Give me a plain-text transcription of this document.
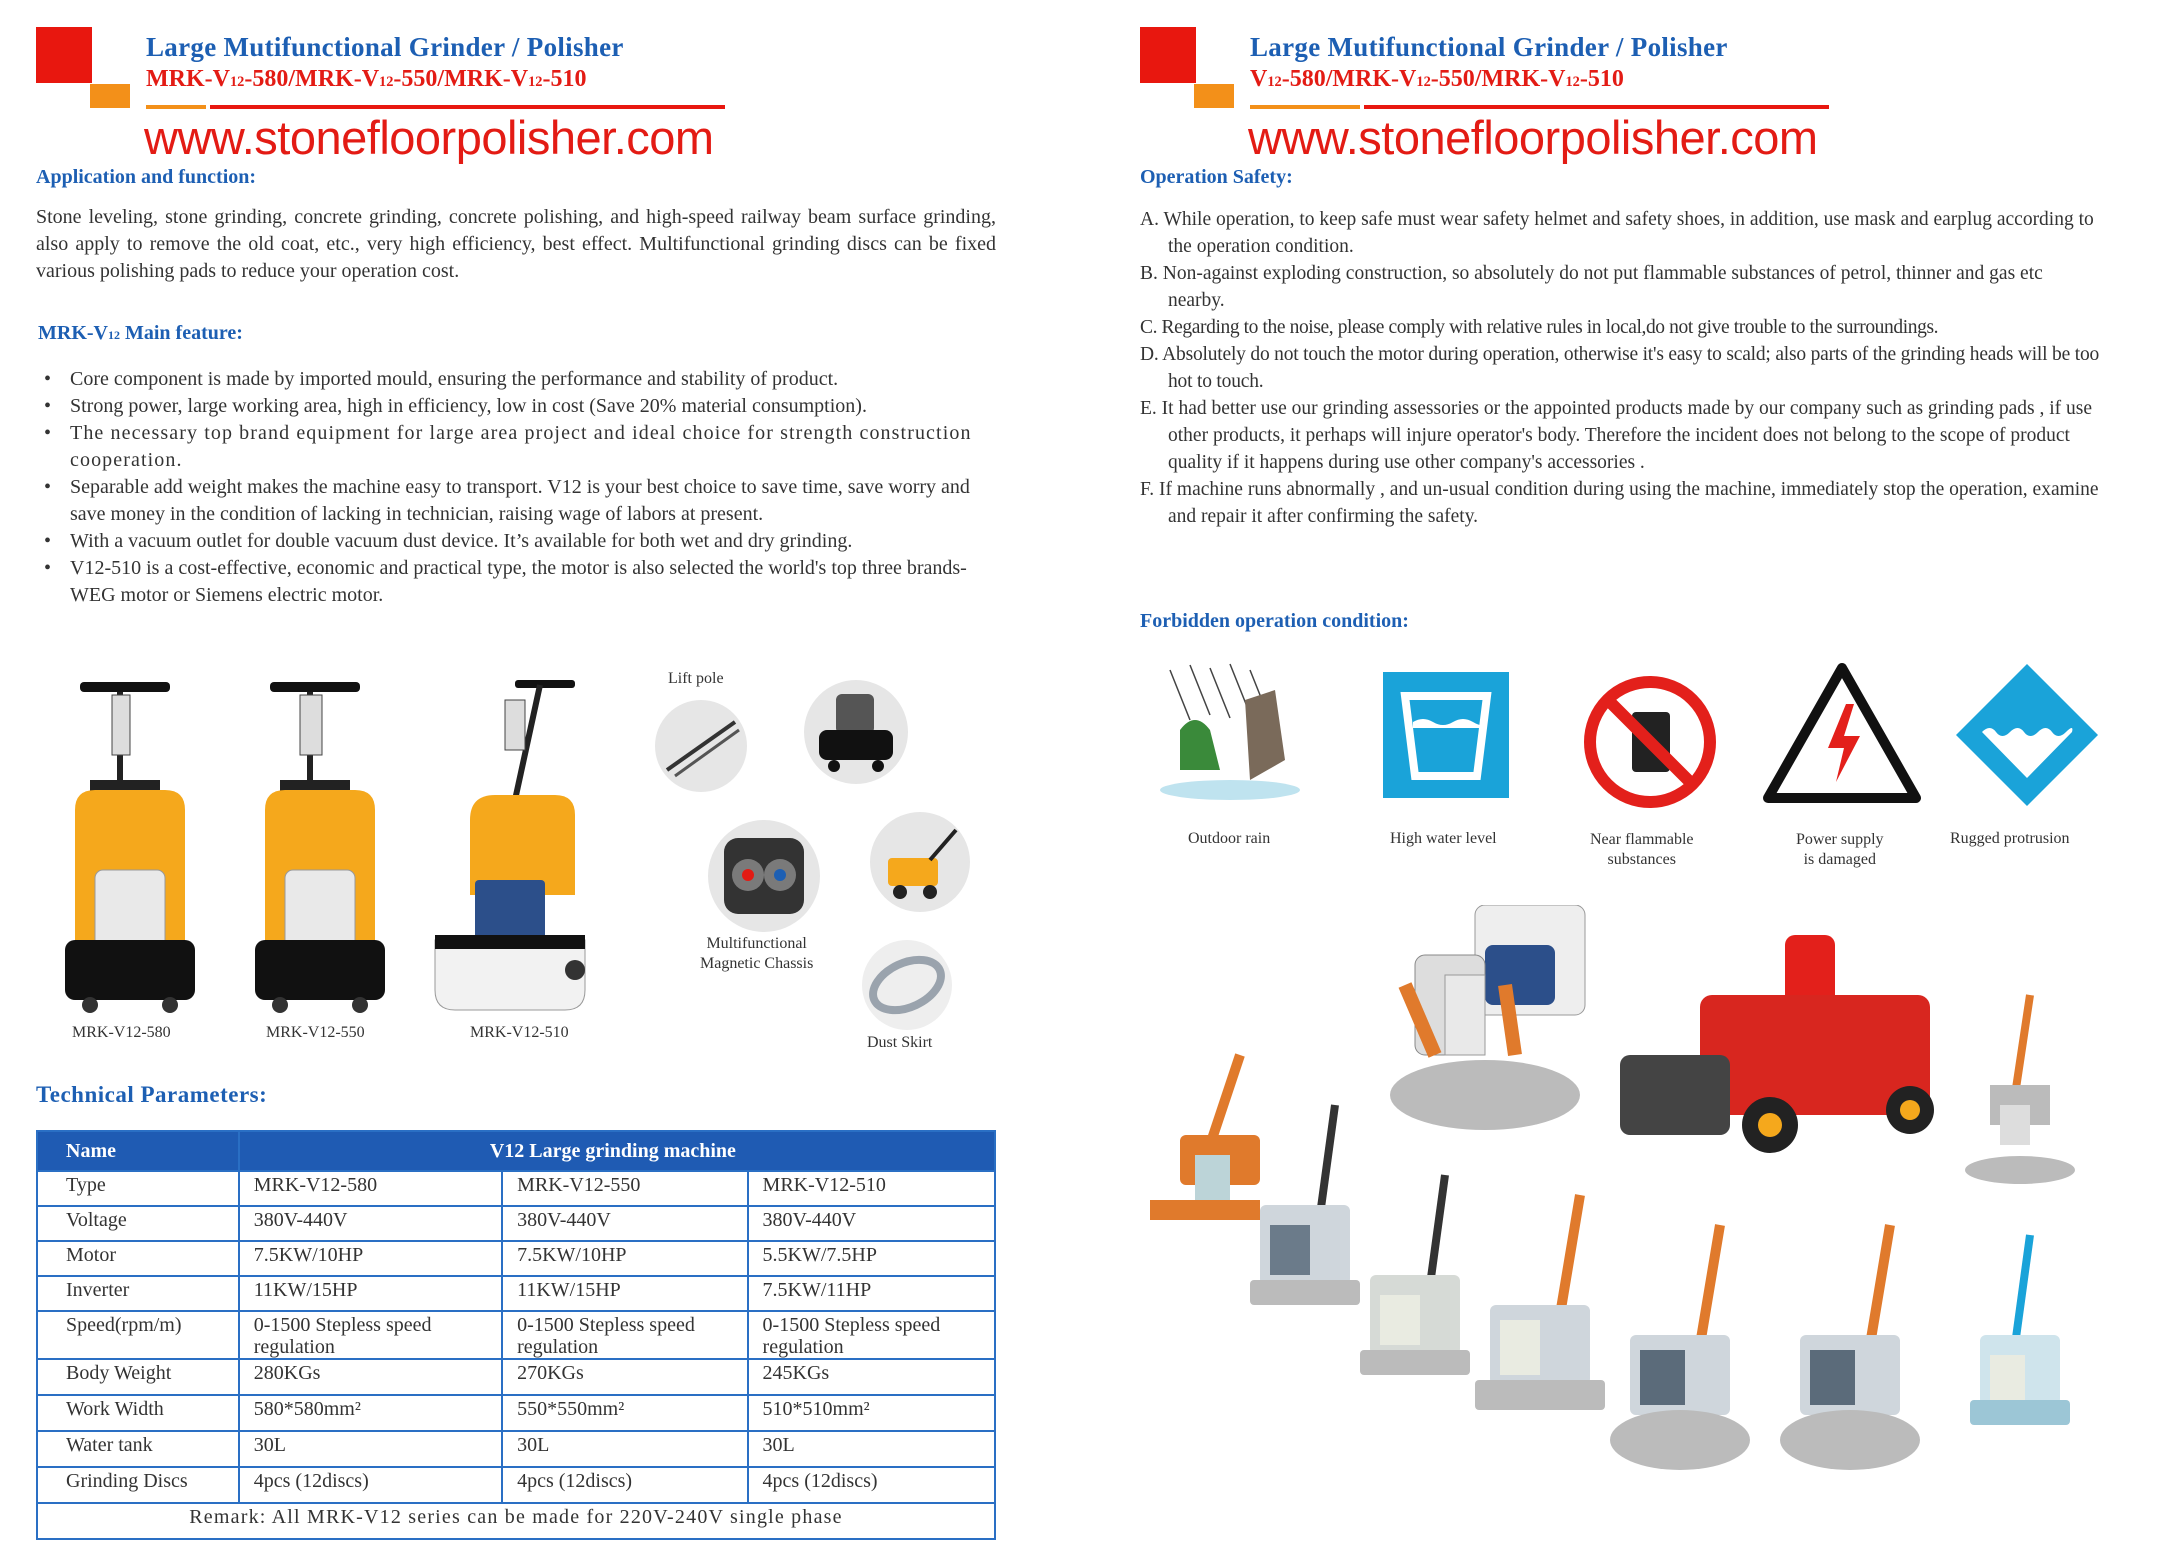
Large Mutifunctional Grinder / Polisher
MRK-V12-580/MRK-V12-550/MRK-V12-510
www.stonefloorpolisher.com
Application and function:
Stone leveling, stone grinding, concrete grinding, concrete polishing, and high-speed railway beam surface grinding, also apply to remove the old coat, etc., very high efficiency, best effect. Multifunctional grinding discs can be fixed various polishing pads to reduce your operation cost.
MRK-V12 Main feature:
• Core component is made by imported mould, ensuring the performance and stability of product.
• Strong power, large working area, high in efficiency, low in cost (Save 20% material consumption).
• The necessary top brand equipment for large area project and ideal choice for strength construction cooperation.
• Separable add weight makes the machine easy to transport. V12 is your best choice to save time, save worry and save money in the condition of lacking in technician, raising wage of labors at present.
• With a vacuum outlet for double vacuum dust device. It’s available for both wet and dry grinding.
• V12-510 is a cost-effective, economic and practical type, the motor is also selected the world's top three brands-WEG motor or Siemens electric motor.
MRK-V12-580	MRK-V12-550	MRK-V12-510
Lift pole
Multifunctional
Magnetic Chassis
Dust Skirt
Technical Parameters:
Name	V12 Large grinding machine		
Type	MRK-V12-580	MRK-V12-550	MRK-V12-510
Voltage	380V-440V	380V-440V	380V-440V
Motor	7.5KW/10HP	7.5KW/10HP	5.5KW/7.5HP
Inverter	11KW/15HP	11KW/15HP	7.5KW/11HP
Speed(rpm/m)	0-1500 Stepless speed regulation	0-1500 Stepless speed regulation	0-1500 Stepless speed regulation
Body Weight	280KGs	270KGs	245KGs
Work Width	580*580mm²	550*550mm²	510*510mm²
Water tank	30L	30L	30L
Grinding Discs	4pcs (12discs)	4pcs (12discs)	4pcs (12discs)
Remark: All MRK-V12 series can be made for 220V-240V single phase			
Large Mutifunctional Grinder / Polisher
V12-580/MRK-V12-550/MRK-V12-510
www.stonefloorpolisher.com
Operation Safety:

A. While operation, to keep safe must wear safety helmet and safety shoes, in addition, use mask and earplug according to the operation condition.

B. Non-against exploding construction, so absolutely do not put flammable substances of petrol, thinner and gas etc nearby.

C. Regarding to the noise, please comply with relative rules in local,do not give trouble to the surroundings.

D. Absolutely do not touch the motor during operation, otherwise it's easy to scald; also parts of the grinding heads will be too hot to touch.

E. It had better use our grinding assessories or the appointed products made by our company such as grinding pads , if use other products, it perhaps will injure operator's body. Therefore the incident does not belong to the scope of product quality if it happens during use other company's accessories .

F. If machine runs abnormally , and un-usual condition during using the machine, immediately stop the operation, examine and repair it after confirming the safety.

Forbidden operation condition:
Outdoor rain	High water level	Near flammable
substances
Power supply
is damaged
Rugged protrusion
